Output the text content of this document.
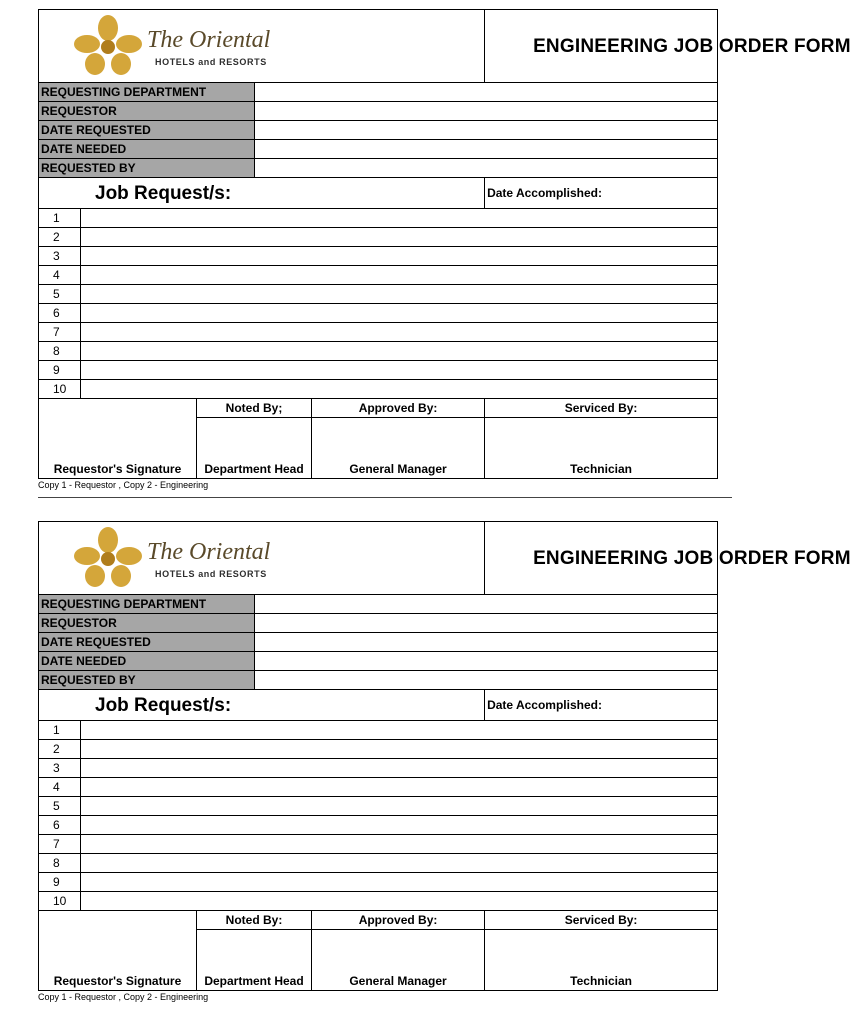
The Oriental
HOTELS and RESORTS					ENGINEERING JOB ORDER FORM
REQUESTING DEPARTMENT					
REQUESTOR					
DATE REQUESTED					
DATE NEEDED					
REQUESTED BY					
Job Request/s:					Date Accomplished:
1					
2					
3					
4					
5					
6					
7					
8					
9					
10					
Requestor's Signature		Noted By;		Approved By:	Serviced By:
		Department Head		General Manager	Technician
Copy 1 - Requestor , Copy 2 - Engineering
The Oriental
HOTELS and RESORTS					ENGINEERING JOB ORDER FORM
REQUESTING DEPARTMENT					
REQUESTOR					
DATE REQUESTED					
DATE NEEDED					
REQUESTED BY					
Job Request/s:					Date Accomplished:
1					
2					
3					
4					
5					
6					
7					
8					
9					
10					
Requestor's Signature		Noted By:		Approved By:	Serviced By:
		Department Head		General Manager	Technician
Copy 1 - Requestor , Copy 2 - Engineering
